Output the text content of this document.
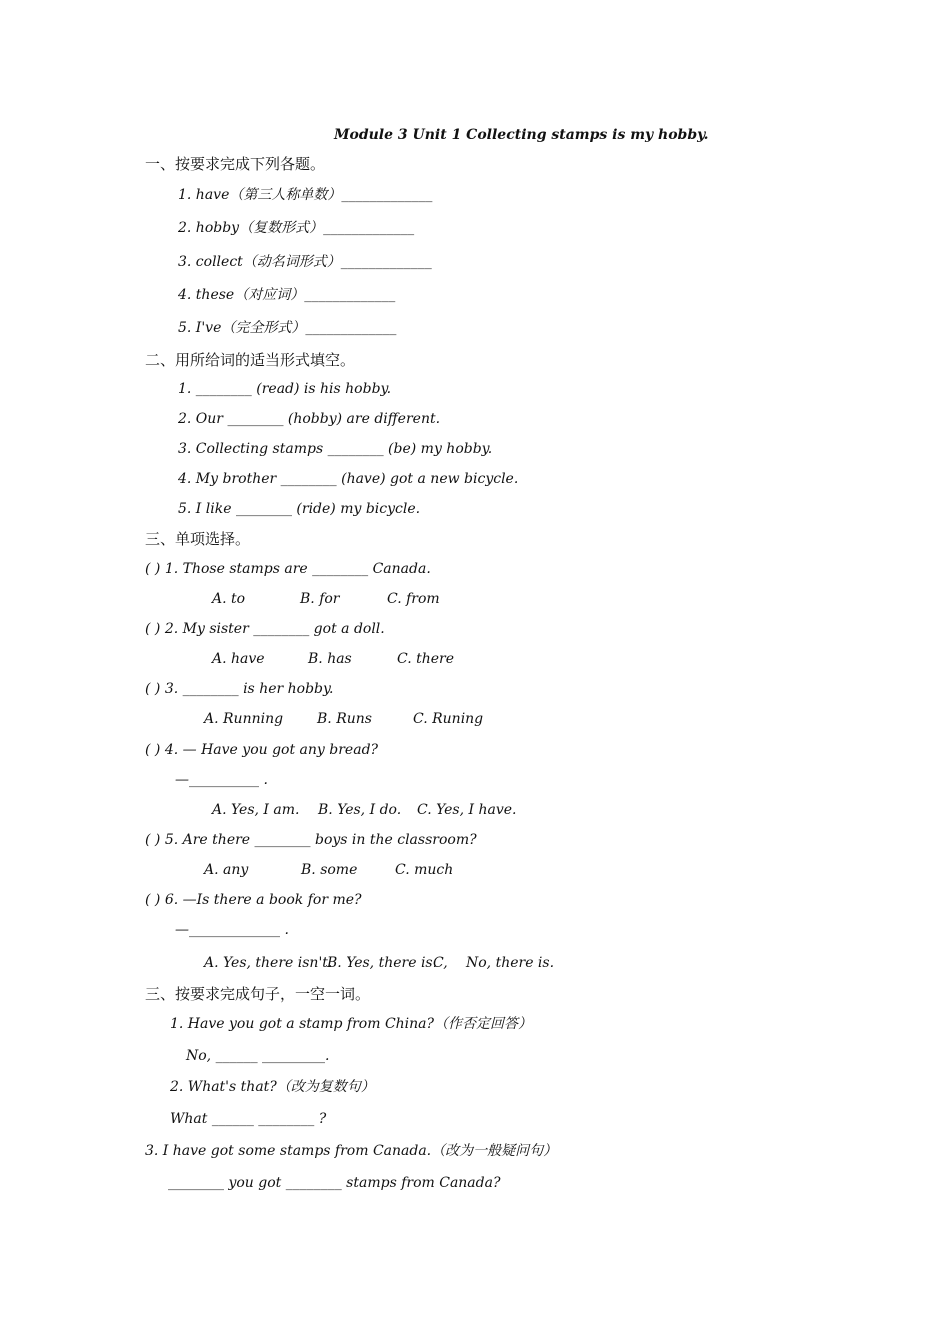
Module 3 Unit 1 Collecting stamps is my hobby.
一、按要求完成下列各题。
1. have（第三人称单数）_____________
2. hobby（复数形式）_____________
3. collect（动名词形式）_____________
4. these（对应词）_____________
5. I've（完全形式）_____________
二、用所给词的适当形式填空。
1. ________ (read) is his hobby.
2. Our ________ (hobby) are different.
3. Collecting stamps ________ (be) my hobby.
4. My brother ________ (have) got a new bicycle.
5. I like ________ (ride) my bicycle.
三、单项选择。
( ) 1. Those stamps are ________ Canada.
A. to	B. for	C. from
( ) 2. My sister ________ got a doll.
A. have	B. has	C. there
( ) 3. ________ is her hobby.
A. Running B. Runs	C. Runing
( ) 4. — Have you got any bread?
—__________ .
A. Yes, I am. B. Yes, I do. C. Yes, I have.
( ) 5. Are there ________ boys in the classroom?
A. any	B. some	C. much
( ) 6. —Is there a book for me?
—_____________ .
A. Yes, there isn't.
B. Yes, there is.
C, No, there is.
三、按要求完成句子，一空一词。
1. Have you got a stamp from China?（作否定回答）
No, ______ _________.
2. What's that?（改为复数句）
What ______ ________ ?
3. I have got some stamps from Canada.（改为一般疑问句）
________ you got ________ stamps from Canada?
